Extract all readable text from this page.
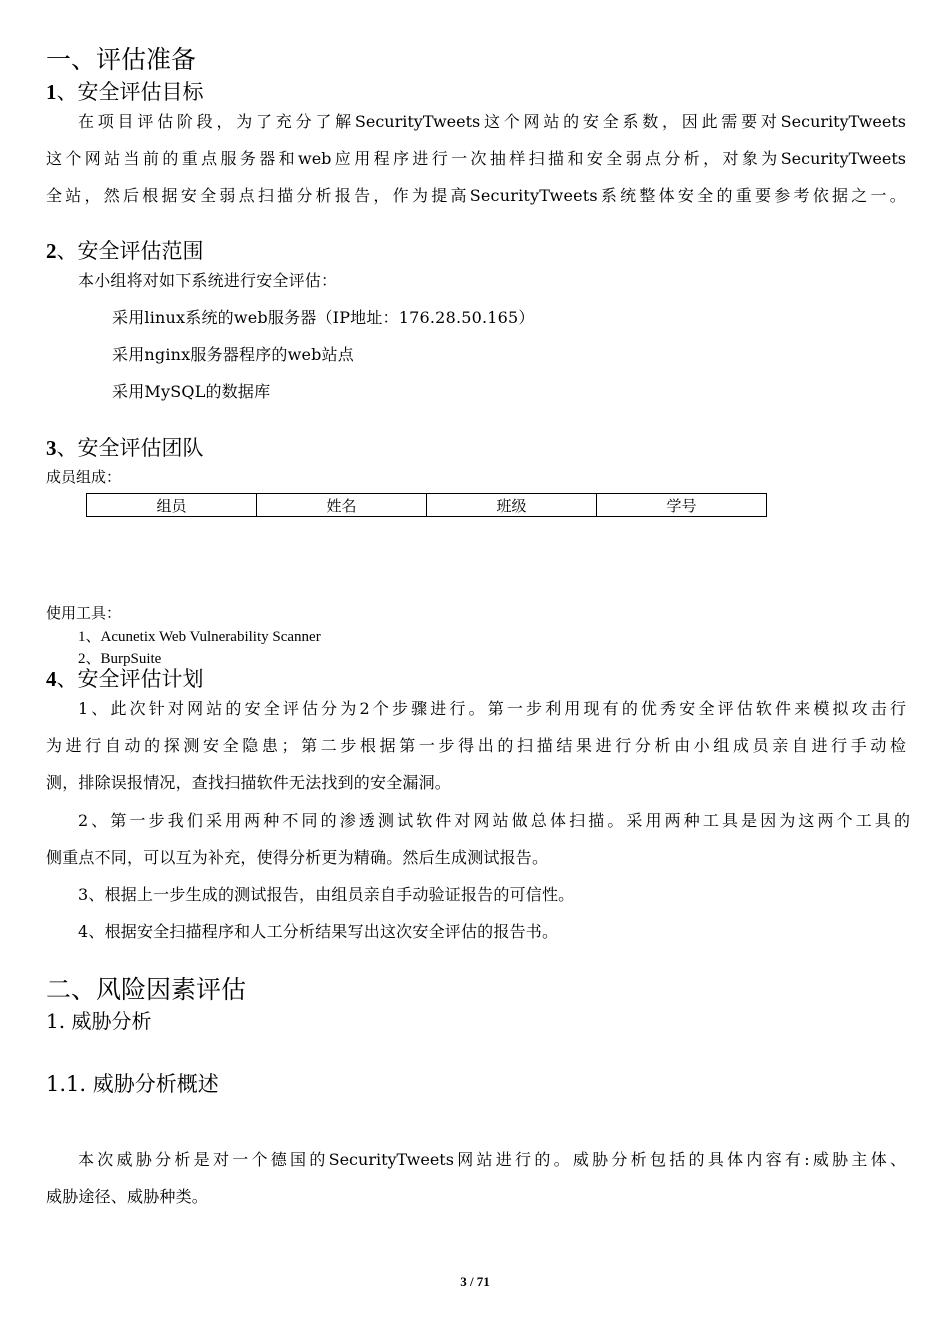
一、评估准备
1、安全评估目标
在项目评估阶段，为了充分了解SecurityTweets这个网站的安全系数，因此需要对SecurityTweets
这个网站当前的重点服务器和web应用程序进行一次抽样扫描和安全弱点分析，对象为SecurityTweets
全站，然后根据安全弱点扫描分析报告，作为提高SecurityTweets系统整体安全的重要参考依据之一。
2、安全评估范围
本小组将对如下系统进行安全评估：
采用linux系统的web服务器（IP地址：176.28.50.165）
采用nginx服务器程序的web站点
采用MySQL的数据库
3、安全评估团队
成员组成：
组员	姓名	班级	学号
使用工具：
1、Acunetix Web Vulnerability Scanner
2、BurpSuite
4、安全评估计划
1、此次针对网站的安全评估分为2个步骤进行。第一步利用现有的优秀安全评估软件来模拟攻击行
为进行自动的探测安全隐患；第二步根据第一步得出的扫描结果进行分析由小组成员亲自进行手动检
测，排除误报情况，查找扫描软件无法找到的安全漏洞。
2、第一步我们采用两种不同的渗透测试软件对网站做总体扫描。采用两种工具是因为这两个工具的
侧重点不同，可以互为补充，使得分析更为精确。然后生成测试报告。
3、根据上一步生成的测试报告，由组员亲自手动验证报告的可信性。
4、根据安全扫描程序和人工分析结果写出这次安全评估的报告书。
二、风险因素评估
1. 威胁分析
1.1. 威胁分析概述
本次威胁分析是对一个德国的SecurityTweets网站进行的。威胁分析包括的具体内容有:威胁主体、
威胁途径、威胁种类。
3 / 71
